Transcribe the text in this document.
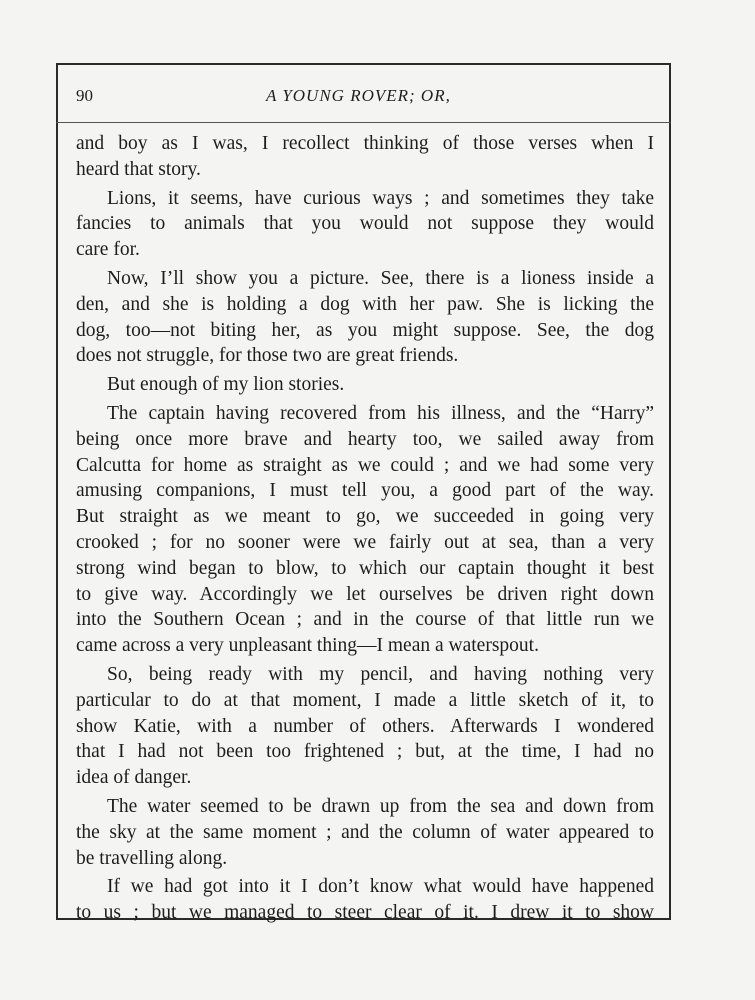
90	A YOUNG ROVER; OR,
and boy as I was, I recollect thinking of those verses when I
heard that story.
Lions, it seems, have curious ways ; and sometimes they take
fancies to animals that you would not suppose they would
care for.
Now, I’ll show you a picture. See, there is a lioness inside a
den, and she is holding a dog with her paw. She is licking the
dog, too—not biting her, as you might suppose. See, the dog
does not struggle, for those two are great friends.
But enough of my lion stories.
The captain having recovered from his illness, and the “Harry”
being once more brave and hearty too, we sailed away from
Calcutta for home as straight as we could ; and we had some very
amusing companions, I must tell you, a good part of the way.
But straight as we meant to go, we succeeded in going very
crooked ; for no sooner were we fairly out at sea, than a very
strong wind began to blow, to which our captain thought it best
to give way. Accordingly we let ourselves be driven right down
into the Southern Ocean ; and in the course of that little run we
came across a very unpleasant thing—I mean a waterspout.
So, being ready with my pencil, and having nothing very
particular to do at that moment, I made a little sketch of it, to
show Katie, with a number of others. Afterwards I wondered
that I had not been too frightened ; but, at the time, I had no
idea of danger.
The water seemed to be drawn up from the sea and down from
the sky at the same moment ; and the column of water appeared to
be travelling along.
If we had got into it I don’t know what would have happened
to us ; but we managed to steer clear of it. I drew it to show
